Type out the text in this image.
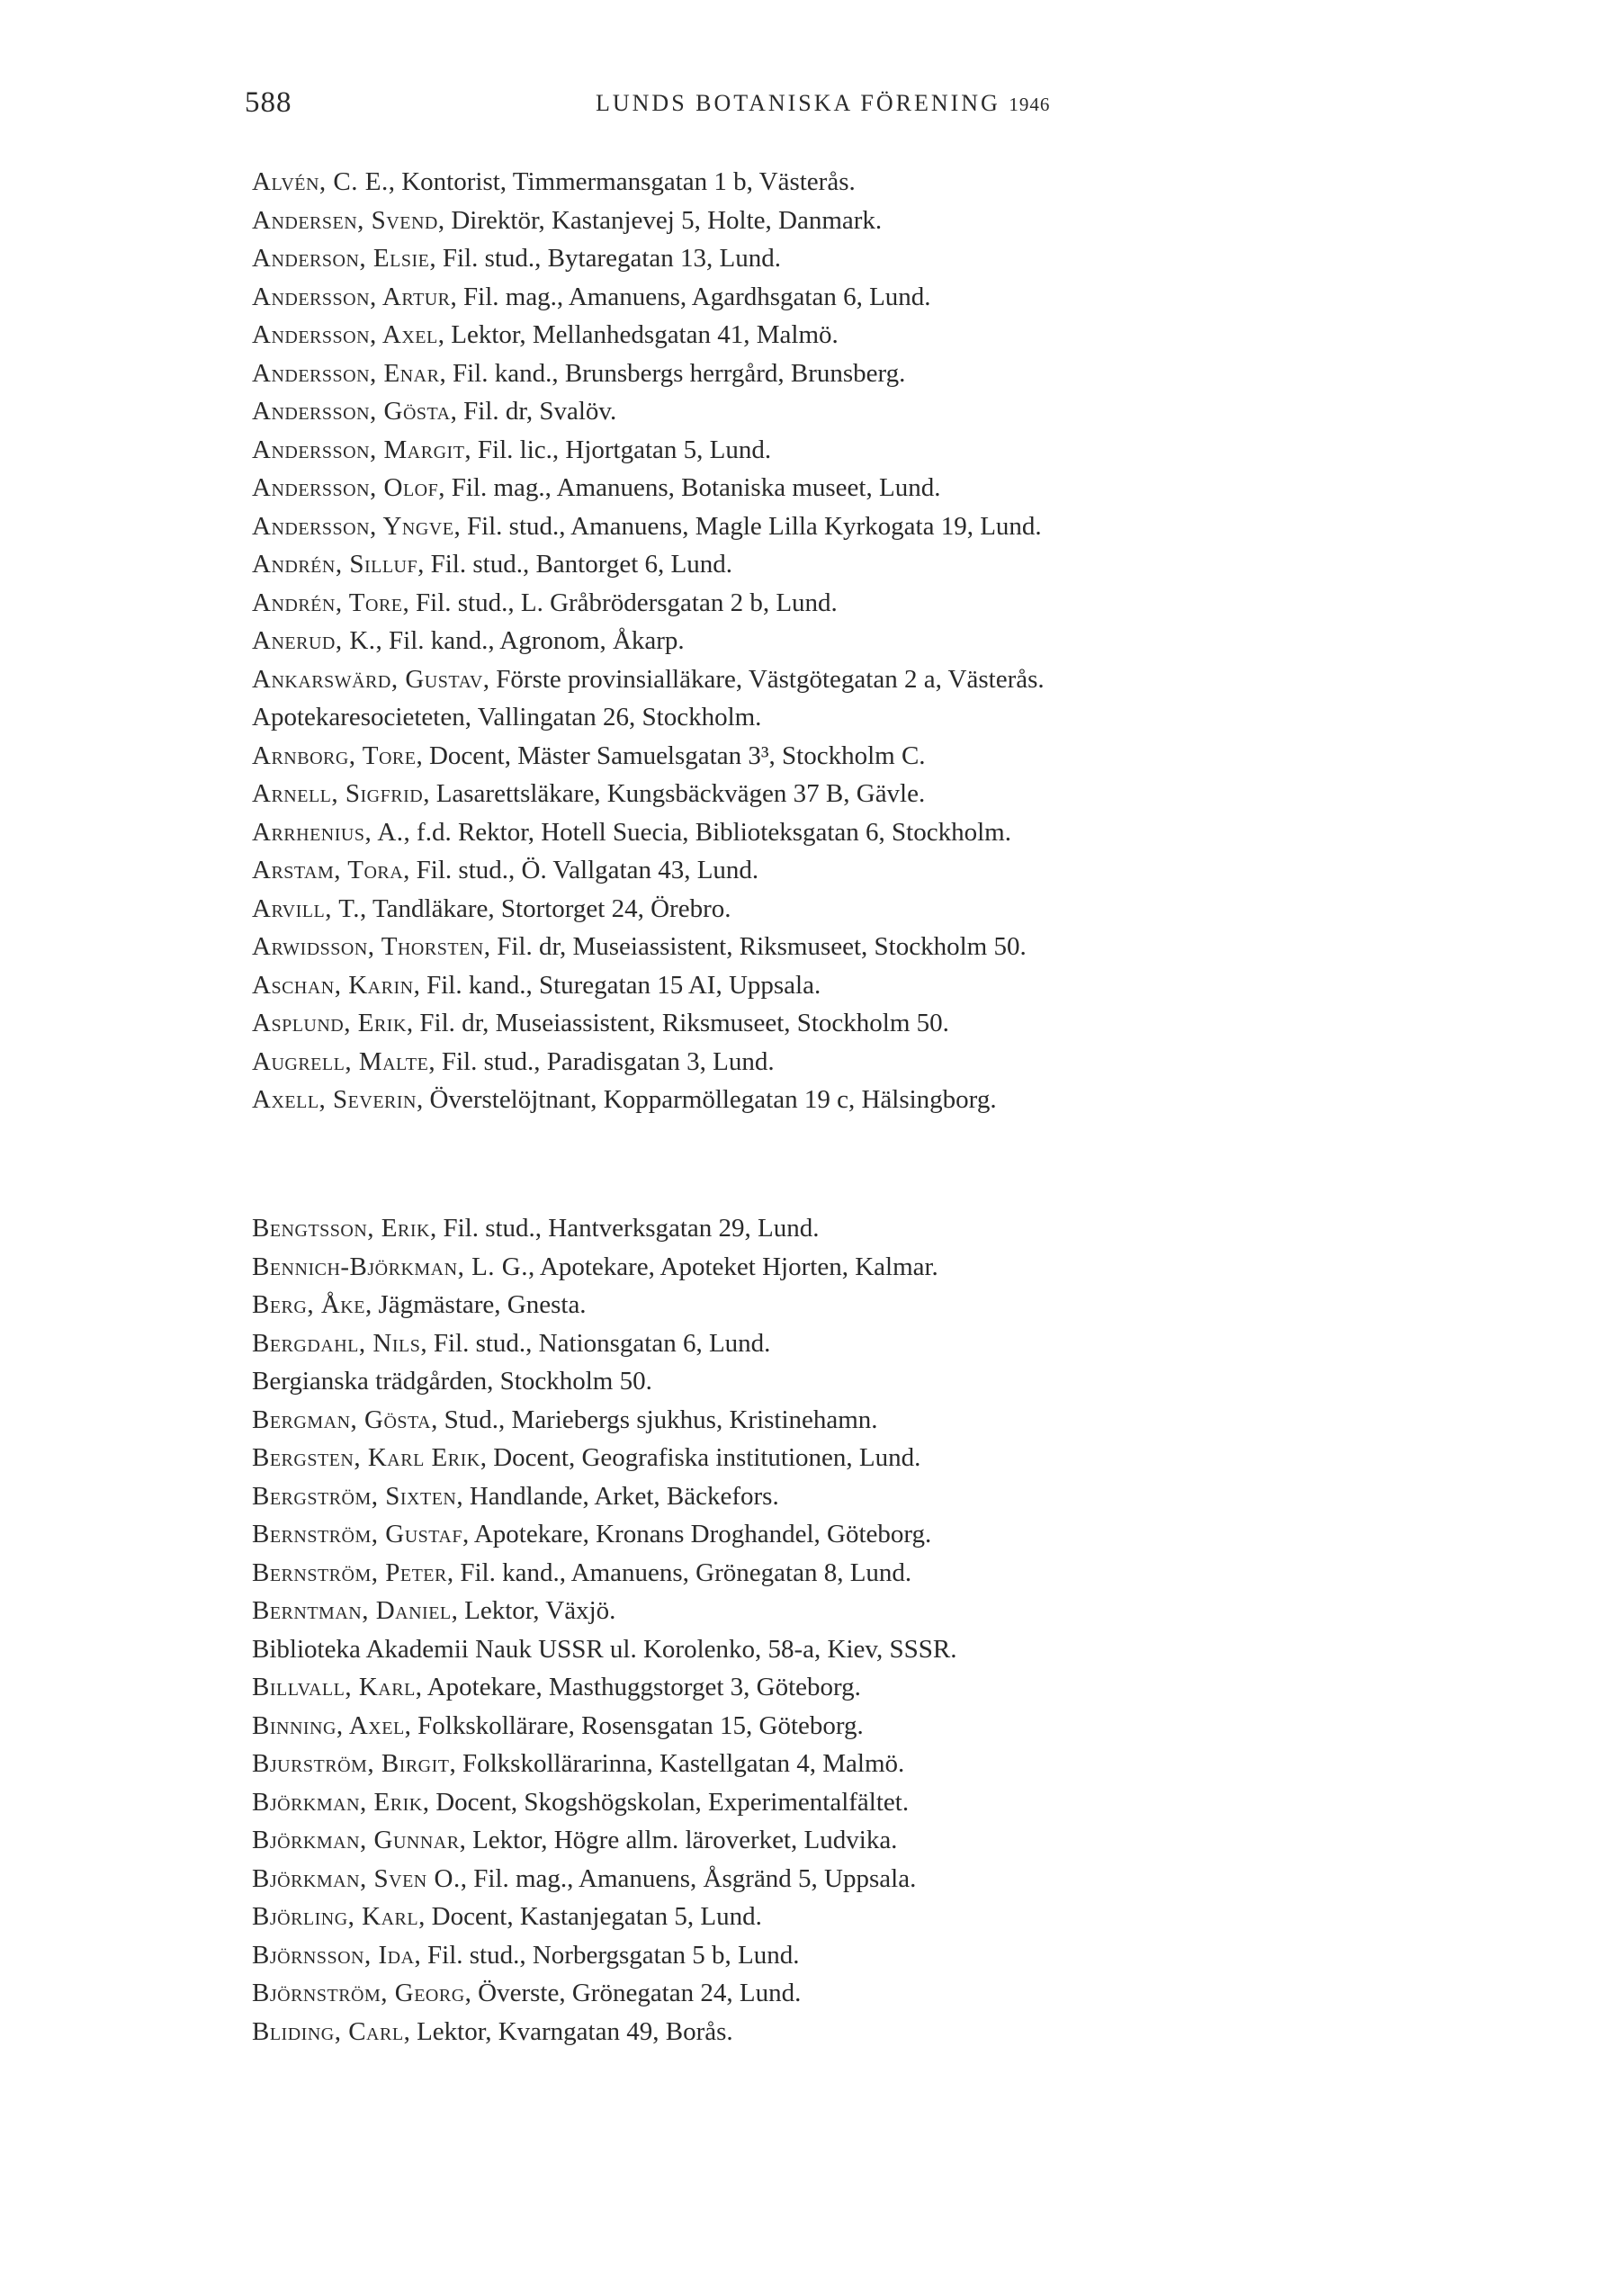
588	LUNDS BOTANISKA FÖRENING 1946
Alvén, C. E., Kontorist, Timmermansgatan 1 b, Västerås.
Andersen, Svend, Direktör, Kastanjevej 5, Holte, Danmark.
Anderson, Elsie, Fil. stud., Bytaregatan 13, Lund.
Andersson, Artur, Fil. mag., Amanuens, Agardhsgatan 6, Lund.
Andersson, Axel, Lektor, Mellanhedsgatan 41, Malmö.
Andersson, Enar, Fil. kand., Brunsbergs herrgård, Brunsberg.
Andersson, Gösta, Fil. dr, Svalöv.
Andersson, Margit, Fil. lic., Hjortgatan 5, Lund.
Andersson, Olof, Fil. mag., Amanuens, Botaniska museet, Lund.
Andersson, Yngve, Fil. stud., Amanuens, Magle Lilla Kyrkogata 19, Lund.
Andrén, Silluf, Fil. stud., Bantorget 6, Lund.
Andrén, Tore, Fil. stud., L. Gråbrödersgatan 2 b, Lund.
Anerud, K., Fil. kand., Agronom, Åkarp.
Ankarswärd, Gustav, Förste provinsialläkare, Västgötegatan 2 a, Västerås.
Apotekaresocieteten, Vallingatan 26, Stockholm.
Arnborg, Tore, Docent, Mäster Samuelsgatan 3³, Stockholm C.
Arnell, Sigfrid, Lasarettsläkare, Kungsbäckvägen 37 B, Gävle.
Arrhenius, A., f.d. Rektor, Hotell Suecia, Biblioteksgatan 6, Stockholm.
Arstam, Tora, Fil. stud., Ö. Vallgatan 43, Lund.
Arvill, T., Tandläkare, Stortorget 24, Örebro.
Arwidsson, Thorsten, Fil. dr, Museiassistent, Riksmuseet, Stockholm 50.
Aschan, Karin, Fil. kand., Sturegatan 15 AI, Uppsala.
Asplund, Erik, Fil. dr, Museiassistent, Riksmuseet, Stockholm 50.
Augrell, Malte, Fil. stud., Paradisgatan 3, Lund.
Axell, Severin, Överstelöjtnant, Kopparmöllegatan 19 c, Hälsingborg.
Bengtsson, Erik, Fil. stud., Hantverksgatan 29, Lund.
Bennich-Björkman, L. G., Apotekare, Apoteket Hjorten, Kalmar.
Berg, Åke, Jägmästare, Gnesta.
Bergdahl, Nils, Fil. stud., Nationsgatan 6, Lund.
Bergianska trädgården, Stockholm 50.
Bergman, Gösta, Stud., Mariebergs sjukhus, Kristinehamn.
Bergsten, Karl Erik, Docent, Geografiska institutionen, Lund.
Bergström, Sixten, Handlande, Arket, Bäckefors.
Bernström, Gustaf, Apotekare, Kronans Droghandel, Göteborg.
Bernström, Peter, Fil. kand., Amanuens, Grönegatan 8, Lund.
Berntman, Daniel, Lektor, Växjö.
Biblioteka Akademii Nauk USSR ul. Korolenko, 58-a, Kiev, SSSR.
Billvall, Karl, Apotekare, Masthuggstorget 3, Göteborg.
Binning, Axel, Folkskollärare, Rosensgatan 15, Göteborg.
Bjurström, Birgit, Folkskollärarinna, Kastellgatan 4, Malmö.
Björkman, Erik, Docent, Skogshögskolan, Experimentalfältet.
Björkman, Gunnar, Lektor, Högre allm. läroverket, Ludvika.
Björkman, Sven O., Fil. mag., Amanuens, Åsgränd 5, Uppsala.
Björling, Karl, Docent, Kastanjegatan 5, Lund.
Björnsson, Ida, Fil. stud., Norbergsgatan 5 b, Lund.
Björnström, Georg, Överste, Grönegatan 24, Lund.
Bliding, Carl, Lektor, Kvarngatan 49, Borås.
